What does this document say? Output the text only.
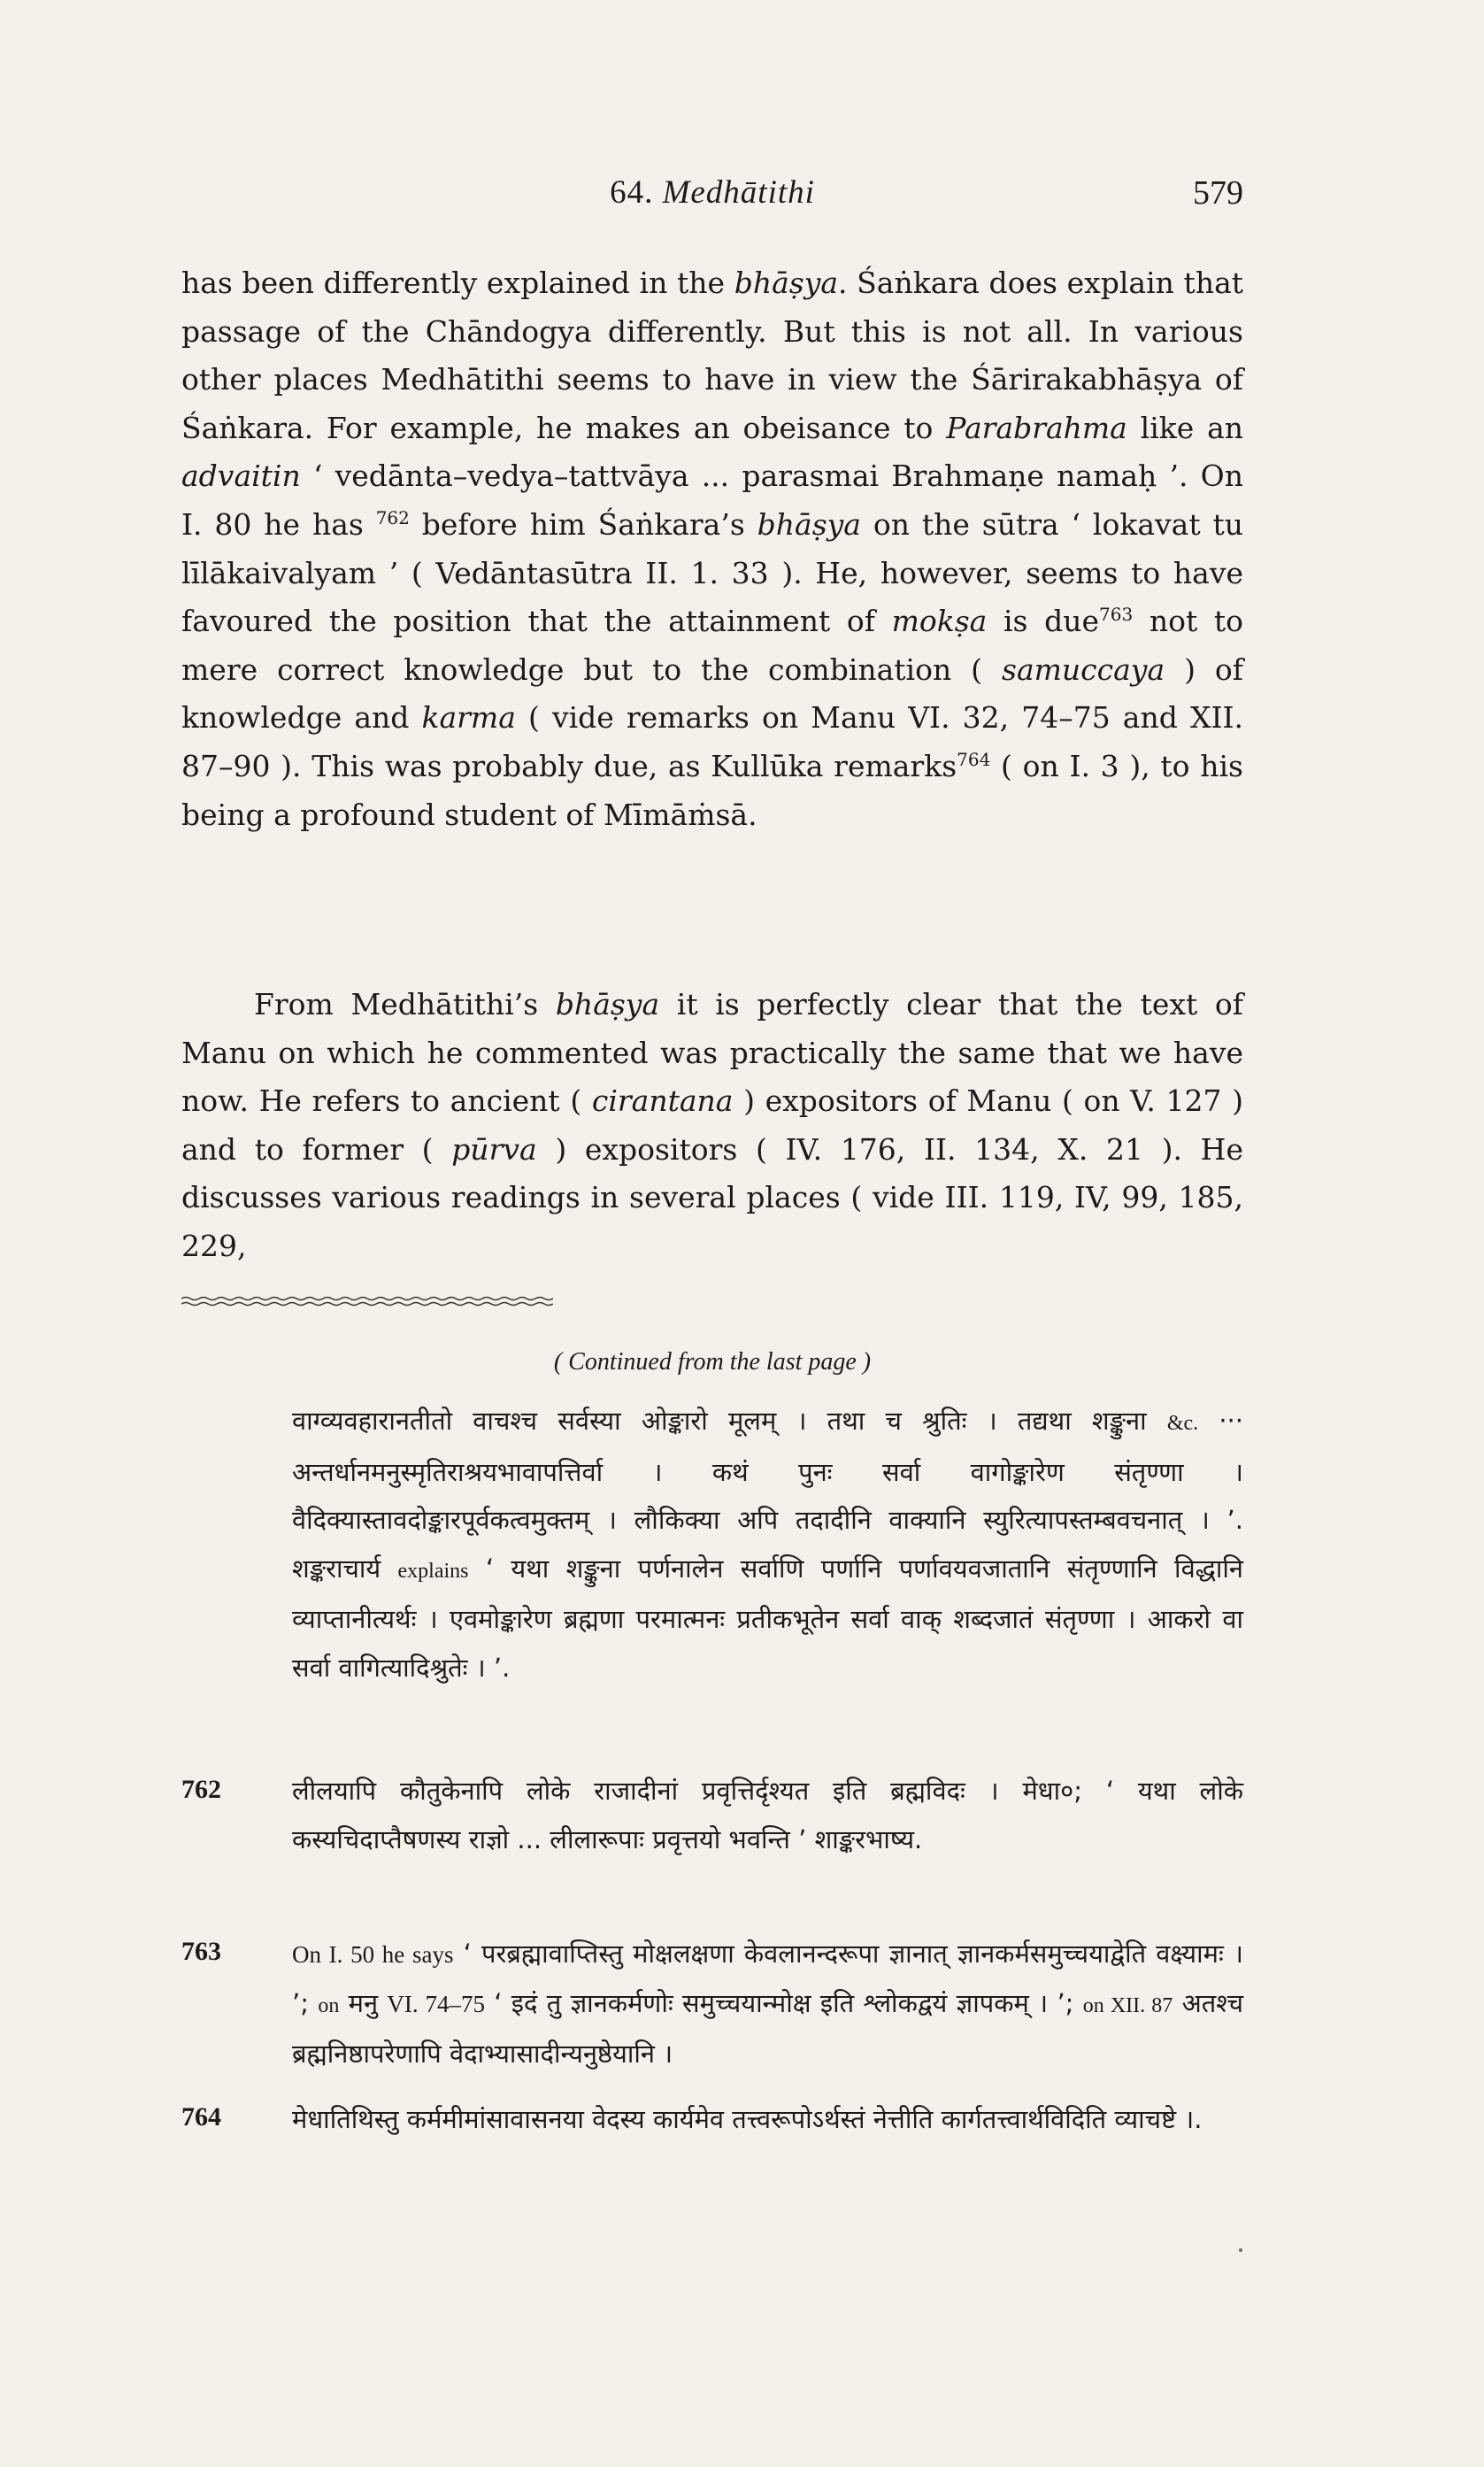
64. Medhātithi	579
has been differently explained in the bhāṣya. Śaṅkara does explain that passage of the Chāndogya differently. But this is not all. In various other places Medhātithi seems to have in view the Śārirakabhāṣya of Śaṅkara. For example, he makes an obeisance to Parabrahma like an advaitin ‘ vedānta–vedya–tattvāya ... parasmai Brahmaṇe namaḥ ’. On I. 80 he has $^{762}$ before him Śaṅkara’s bhāṣya on the sūtra ‘ lokavat tu līlākaivalyam ’ ( Vedāntasūtra II. 1. 33 ). He, however, seems to have favoured the position that the attainment of mokṣa is due$^{763}$ not to mere correct knowledge but to the combination ( samuccaya ) of knowledge and karma ( vide remarks on Manu VI. 32, 74–75 and XII. 87–90 ). This was probably due, as Kullūka remarks$^{764}$ ( on I. 3 ), to his being a profound student of Mīmāṁsā.
From Medhātithi’s bhāṣya it is perfectly clear that the text of Manu on which he commented was practically the same that we have now. He refers to ancient ( cirantana ) expositors of Manu ( on V. 127 ) and to former ( pūrva ) expositors ( IV. 176, II. 134, X. 21 ). He discusses various readings in several places ( vide III. 119, IV, 99, 185, 229,
( Continued from the last page )
वाग्व्यवहारानतीतो वाचश्च सर्वस्या ओङ्कारो मूलम् । तथा च श्रुतिः । तद्यथा शङ्कुना &c. ··· अन्तर्धानमनुस्मृतिराश्रयभावापत्तिर्वा । कथं पुनः सर्वा वागोङ्कारेण संतृण्णा । वैदिक्यास्तावदोङ्कारपूर्वकत्वमुक्तम् । लौकिक्या अपि तदादीनि वाक्यानि स्युरित्यापस्तम्बवचनात् । ’. शङ्कराचार्य explains ‘ यथा शङ्कुना पर्णनालेन सर्वाणि पर्णानि पर्णावयवजातानि संतृण्णानि विद्धानि व्याप्तानीत्यर्थः । एवमोङ्कारेण ब्रह्मणा परमात्मनः प्रतीकभूतेन सर्वा वाक् शब्दजातं संतृण्णा । आकरो वा सर्वा वागित्यादिश्रुतेः । ’.
762	लीलयापि कौतुकेनापि लोके राजादीनां प्रवृत्तिर्दृश्यत इति ब्रह्मविदः । मेधा०; ‘ यथा लोके कस्यचिदाप्तैषणस्य राज्ञो ... लीलारूपाः प्रवृत्तयो भवन्ति ’ शाङ्करभाष्य.
763	On I. 50 he says ‘ परब्रह्मावाप्तिस्तु मोक्षलक्षणा केवलानन्दरूपा ज्ञानात् ज्ञानकर्मसमुच्चयाद्वेति वक्ष्यामः । ’; on मनु VI. 74–75 ‘ इदं तु ज्ञानकर्मणोः समुच्चयान्मोक्ष इति श्लोकद्वयं ज्ञापकम् । ’; on XII. 87 अतश्च ब्रह्मनिष्ठापरेणापि वेदाभ्यासादीन्यनुष्ठेयानि ।
764	मेधातिथिस्तु कर्ममीमांसावासनया वेदस्य कार्यमेव तत्त्वरूपोऽर्थस्तं नेत्तीति कार्गतत्त्वार्थविदिति व्याचष्टे ।.
